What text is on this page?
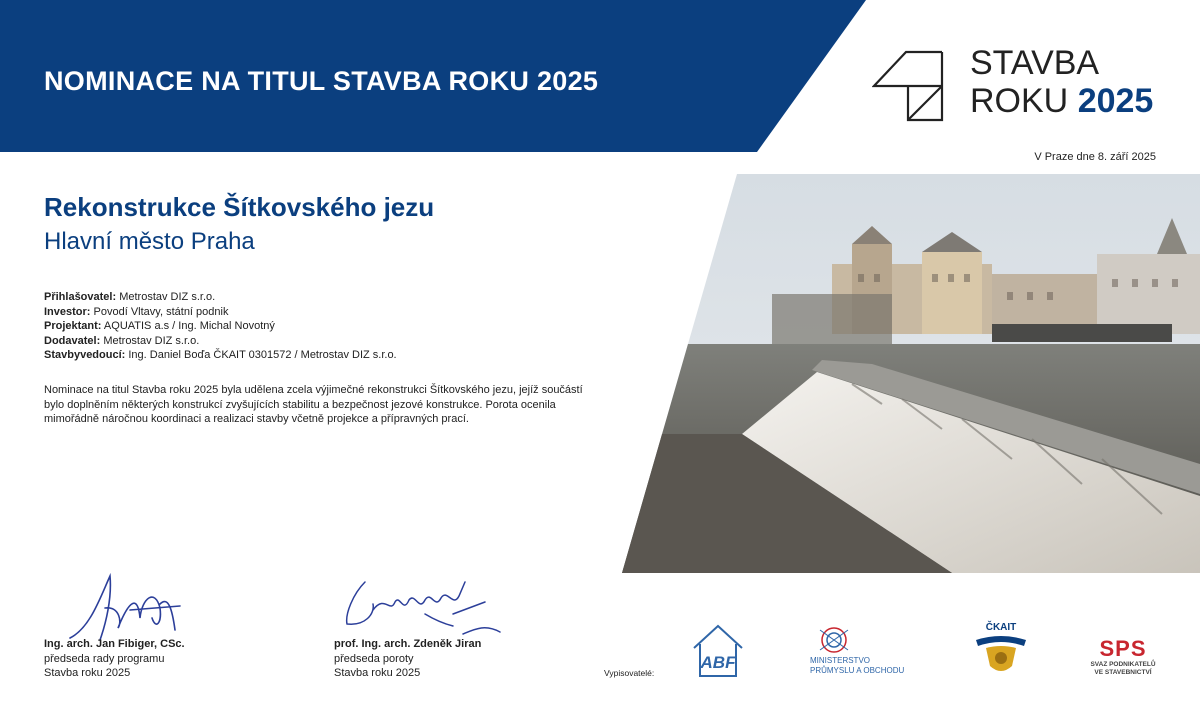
NOMINACE NA TITUL STAVBA ROKU 2025	STAVBA
ROKU 2025
V Praze dne 8. září 2025
Rekonstrukce Šítkovského jezu
Hlavní město Praha
Přihlašovatel: Metrostav DIZ s.r.o.
Investor: Povodí Vltavy, státní podnik
Projektant: AQUATIS a.s / Ing. Michal Novotný
Dodavatel: Metrostav DIZ s.r.o.
Stavbyvedoucí: Ing. Daniel Boďa ČKAIT 0301572 / Metrostav DIZ s.r.o.
Nominace na titul Stavba roku 2025 byla udělena zcela výjimečné rekonstrukci Šítkovského jezu, jejíž součástí bylo doplněním některých konstrukcí zvyšujících stabilitu a bezpečnost jezové konstrukce. Porota ocenila mimořádně náročnou koordinaci a realizaci stavby včetně projekce a přípravných prací.
Ing. arch. Jan Fibiger, CSc.
předseda rady programu
Stavba roku 2025
prof. Ing. arch. Zdeněk Jiran
předseda poroty
Stavba roku 2025	Vypisovatelé:
ABF	MINISTERSTVO
PRŮMYSLU A OBCHODU
ČKAIT
SPS
SVAZ PODNIKATELŮ
VE STAVEBNICTVÍ
